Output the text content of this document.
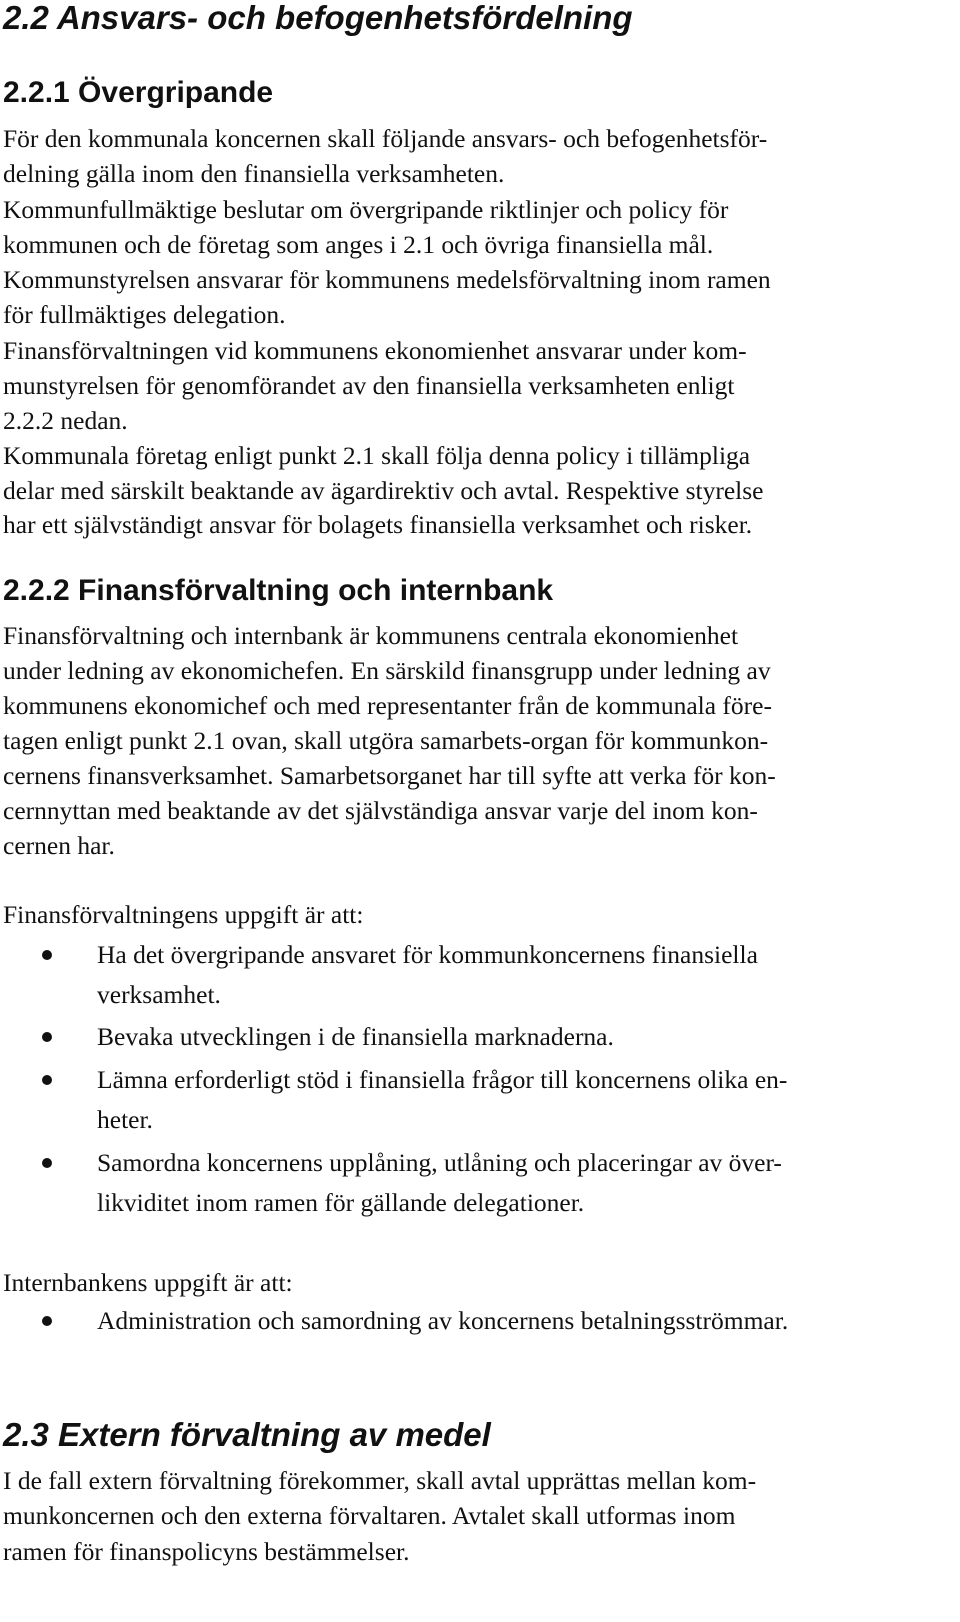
2.2 Ansvars- och befogenhetsfördelning
2.2.1 Övergripande

För den kommunala koncernen skall följande ansvars- och befogenhetsför-

delning gälla inom den finansiella verksamheten.

Kommunfullmäktige beslutar om övergripande riktlinjer och policy för

kommunen och de företag som anges i 2.1 och övriga finansiella mål.

Kommunstyrelsen ansvarar för kommunens medelsförvaltning inom ramen

för fullmäktiges delegation.

Finansförvaltningen vid kommunens ekonomienhet ansvarar under kom-

munstyrelsen för genomförandet av den finansiella verksamheten enligt

2.2.2 nedan.

Kommunala företag enligt punkt 2.1 skall följa denna policy i tillämpliga

delar med särskilt beaktande av ägardirektiv och avtal. Respektive styrelse

har ett självständigt ansvar för bolagets finansiella verksamhet och risker.

2.2.2 Finansförvaltning och internbank

Finansförvaltning och internbank är kommunens centrala ekonomienhet

under ledning av ekonomichefen. En särskild finansgrupp under ledning av

kommunens ekonomichef och med representanter från de kommunala före-

tagen enligt punkt 2.1 ovan, skall utgöra samarbets-organ för kommunkon-

cernens finansverksamhet. Samarbetsorganet har till syfte att verka för kon-

cernnyttan med beaktande av det självständiga ansvar varje del inom kon-

cernen har.

Finansförvaltningens uppgift är att:

Ha det övergripande ansvaret för kommunkoncernens finansiella
verksamhet.
Bevaka utvecklingen i de finansiella marknaderna.
Lämna erforderligt stöd i finansiella frågor till koncernens olika en-
heter.
Samordna koncernens upplåning, utlåning och placeringar av över-
likviditet inom ramen för gällande delegationer.

Internbankens uppgift är att:

Administration och samordning av koncernens betalningsströmmar.
2.3 Extern förvaltning av medel

I de fall extern förvaltning förekommer, skall avtal upprättas mellan kom-

munkoncernen och den externa förvaltaren. Avtalet skall utformas inom

ramen för finanspolicyns bestämmelser.
